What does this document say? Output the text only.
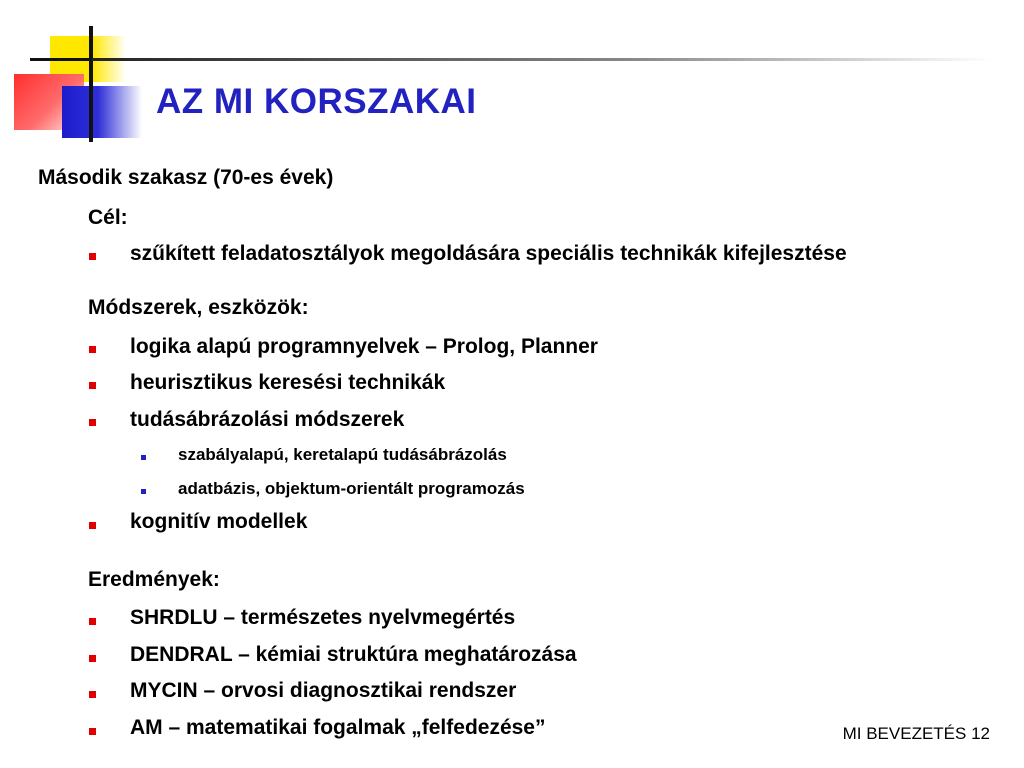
AZ MI KORSZAKAI
Második szakasz (70-es évek)
Cél:
szűkített feladatosztályok megoldására speciális technikák kifejlesztése
Módszerek, eszközök:
logika alapú programnyelvek – Prolog, Planner
heurisztikus keresési technikák
tudásábrázolási módszerek
szabályalapú, keretalapú tudásábrázolás
adatbázis, objektum-orientált programozás
kognitív modellek
Eredmények:
SHRDLU – természetes nyelvmegértés
DENDRAL – kémiai struktúra meghatározása
MYCIN – orvosi diagnosztikai rendszer
AM – matematikai fogalmak „felfedezése”	MI BEVEZETÉS 12
